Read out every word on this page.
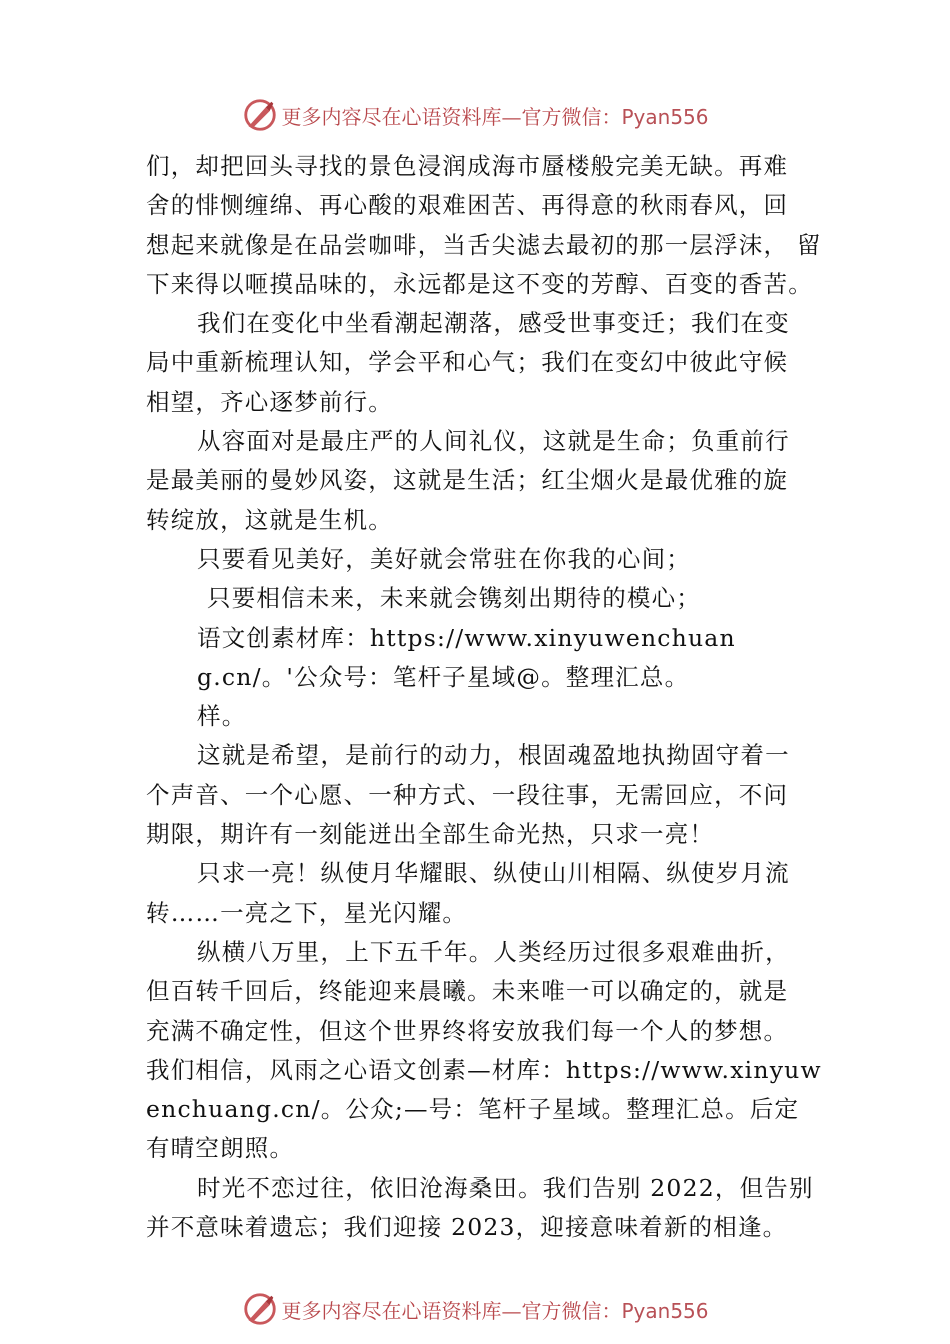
更多内容尽在心语资料库—官方微信：Pyan556
们，却把回头寻找的景色浸润成海市蜃楼般完美无缺。再难
舍的悱恻缠绵、再心酸的艰难困苦、再得意的秋雨春风，回
想起来就像是在品尝咖啡，当舌尖滤去最初的那一层浮沫， 留
下来得以咂摸品味的，永远都是这不变的芳醇、百变的香苦。
我们在变化中坐看潮起潮落，感受世事变迁；我们在变
局中重新梳理认知，学会平和心气；我们在变幻中彼此守候
相望，齐心逐梦前行。
从容面对是最庄严的人间礼仪，这就是生命；负重前行
是最美丽的曼妙风姿，这就是生活；红尘烟火是最优雅的旋
转绽放，这就是生机。
只要看见美好，美好就会常驻在你我的心间；
只要相信未来，未来就会镌刻出期待的模心；
语文创素材库：https://www.xinyuwenchuan
g.cn/。'公众号：笔杆子星域@。整理汇总。
样。
这就是希望，是前行的动力，根固魂盈地执拗固守着一
个声音、一个心愿、一种方式、一段往事，无需回应，不问
期限，期许有一刻能迸出全部生命光热，只求一亮！
只求一亮！纵使月华耀眼、纵使山川相隔、纵使岁月流
转……一亮之下，星光闪耀。
纵横八万里，上下五千年。人类经历过很多艰难曲折，
但百转千回后，终能迎来晨曦。未来唯一可以确定的，就是
充满不确定性，但这个世界终将安放我们每一个人的梦想。
我们相信，风雨之心语文创素—材库：https://www.xinyuw
enchuang.cn/。公众;—号：笔杆子星域。整理汇总。后定
有晴空朗照。
时光不恋过往，依旧沧海桑田。我们告别 2022，但告别
并不意味着遗忘；我们迎接 2023，迎接意味着新的相逢。
更多内容尽在心语资料库—官方微信：Pyan556
